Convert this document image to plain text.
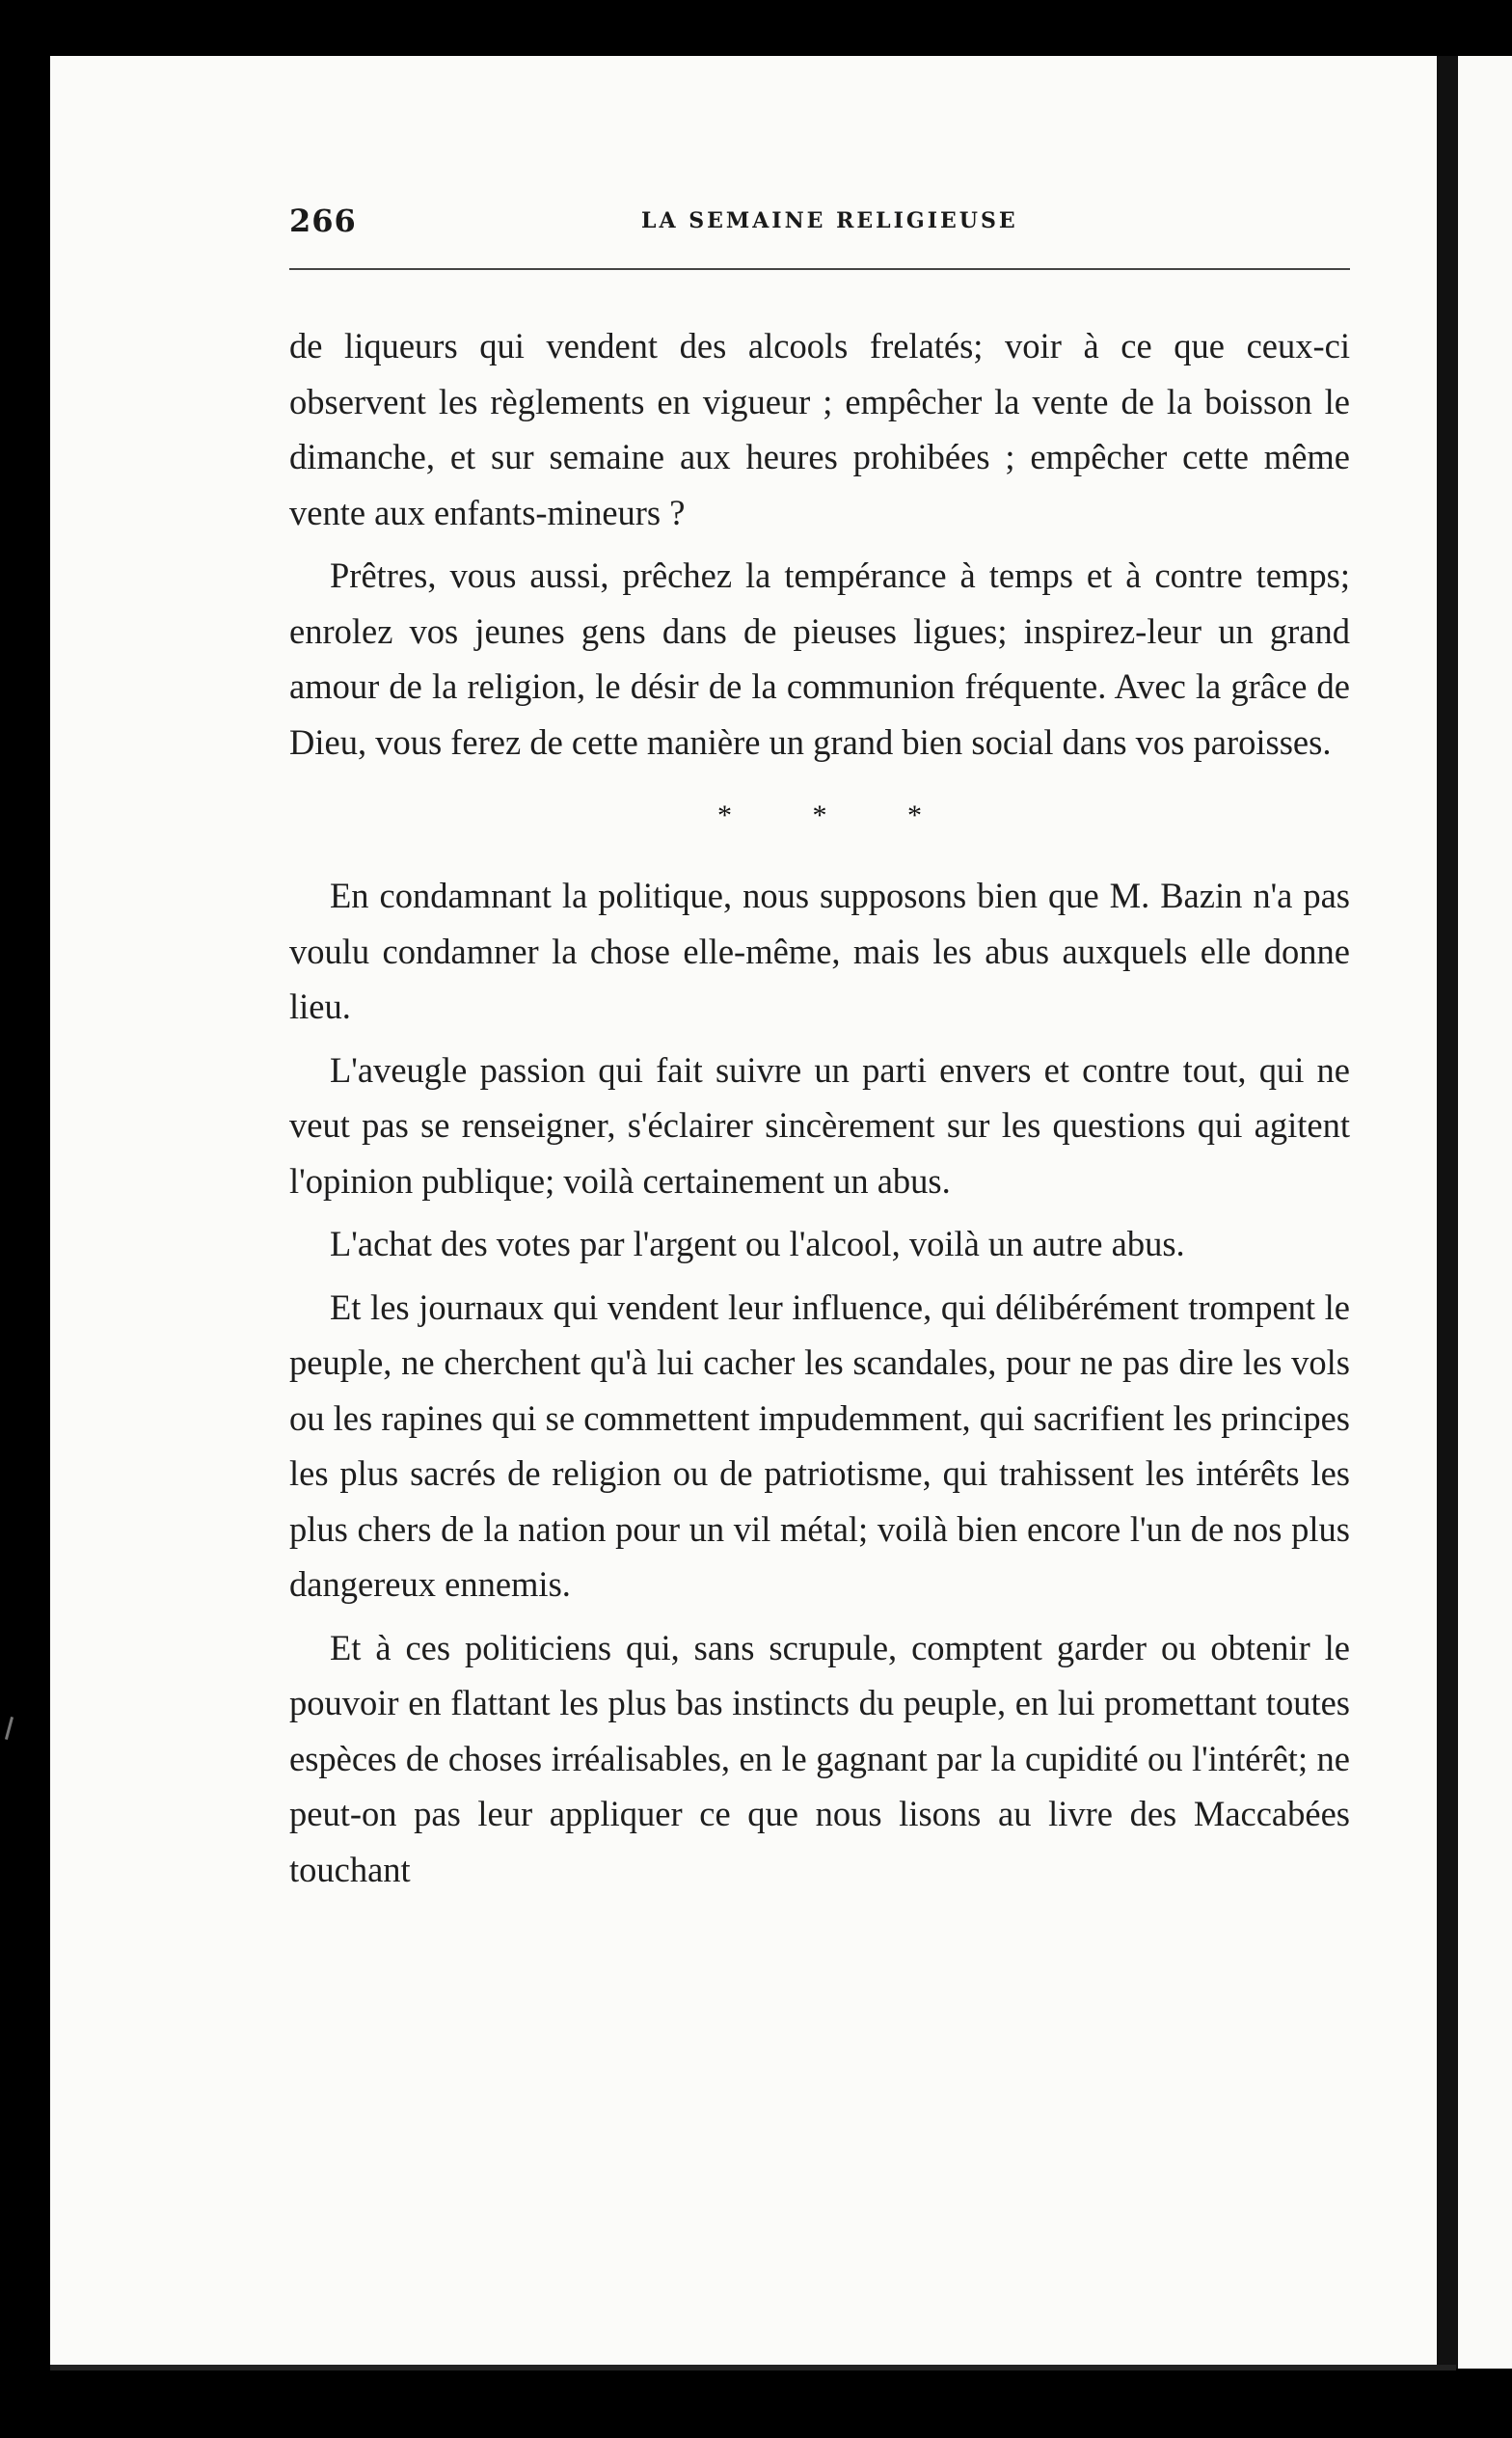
266	LA SEMAINE RELIGIEUSE

de liqueurs qui vendent des alcools frelatés; voir à ce que ceux-ci observent les règlements en vigueur ; empêcher la vente de la boisson le dimanche, et sur semaine aux heures prohibées ; empêcher cette même vente aux enfants-mineurs ?

Prêtres, vous aussi, prêchez la tempérance à temps et à contre temps; enrolez vos jeunes gens dans de pieuses ligues; inspirez-leur un grand amour de la religion, le désir de la communion fréquente. Avec la grâce de Dieu, vous ferez de cette manière un grand bien social dans vos paroisses.

* * *

En condamnant la politique, nous supposons bien que M. Bazin n'a pas voulu condamner la chose elle-même, mais les abus auxquels elle donne lieu.

L'aveugle passion qui fait suivre un parti envers et contre tout, qui ne veut pas se renseigner, s'éclairer sincèrement sur les questions qui agitent l'opinion publique; voilà certainement un abus.

L'achat des votes par l'argent ou l'alcool, voilà un autre abus.

Et les journaux qui vendent leur influence, qui délibérément trompent le peuple, ne cherchent qu'à lui cacher les scandales, pour ne pas dire les vols ou les rapines qui se commettent impudemment, qui sacrifient les principes les plus sacrés de religion ou de patriotisme, qui trahissent les intérêts les plus chers de la nation pour un vil métal; voilà bien encore l'un de nos plus dangereux ennemis.

Et à ces politiciens qui, sans scrupule, comptent garder ou obtenir le pouvoir en flattant les plus bas instincts du peuple, en lui promettant toutes espèces de choses irréalisables, en le gagnant par la cupidité ou l'intérêt; ne peut-on pas leur appliquer ce que nous lisons au livre des Maccabées touchant
